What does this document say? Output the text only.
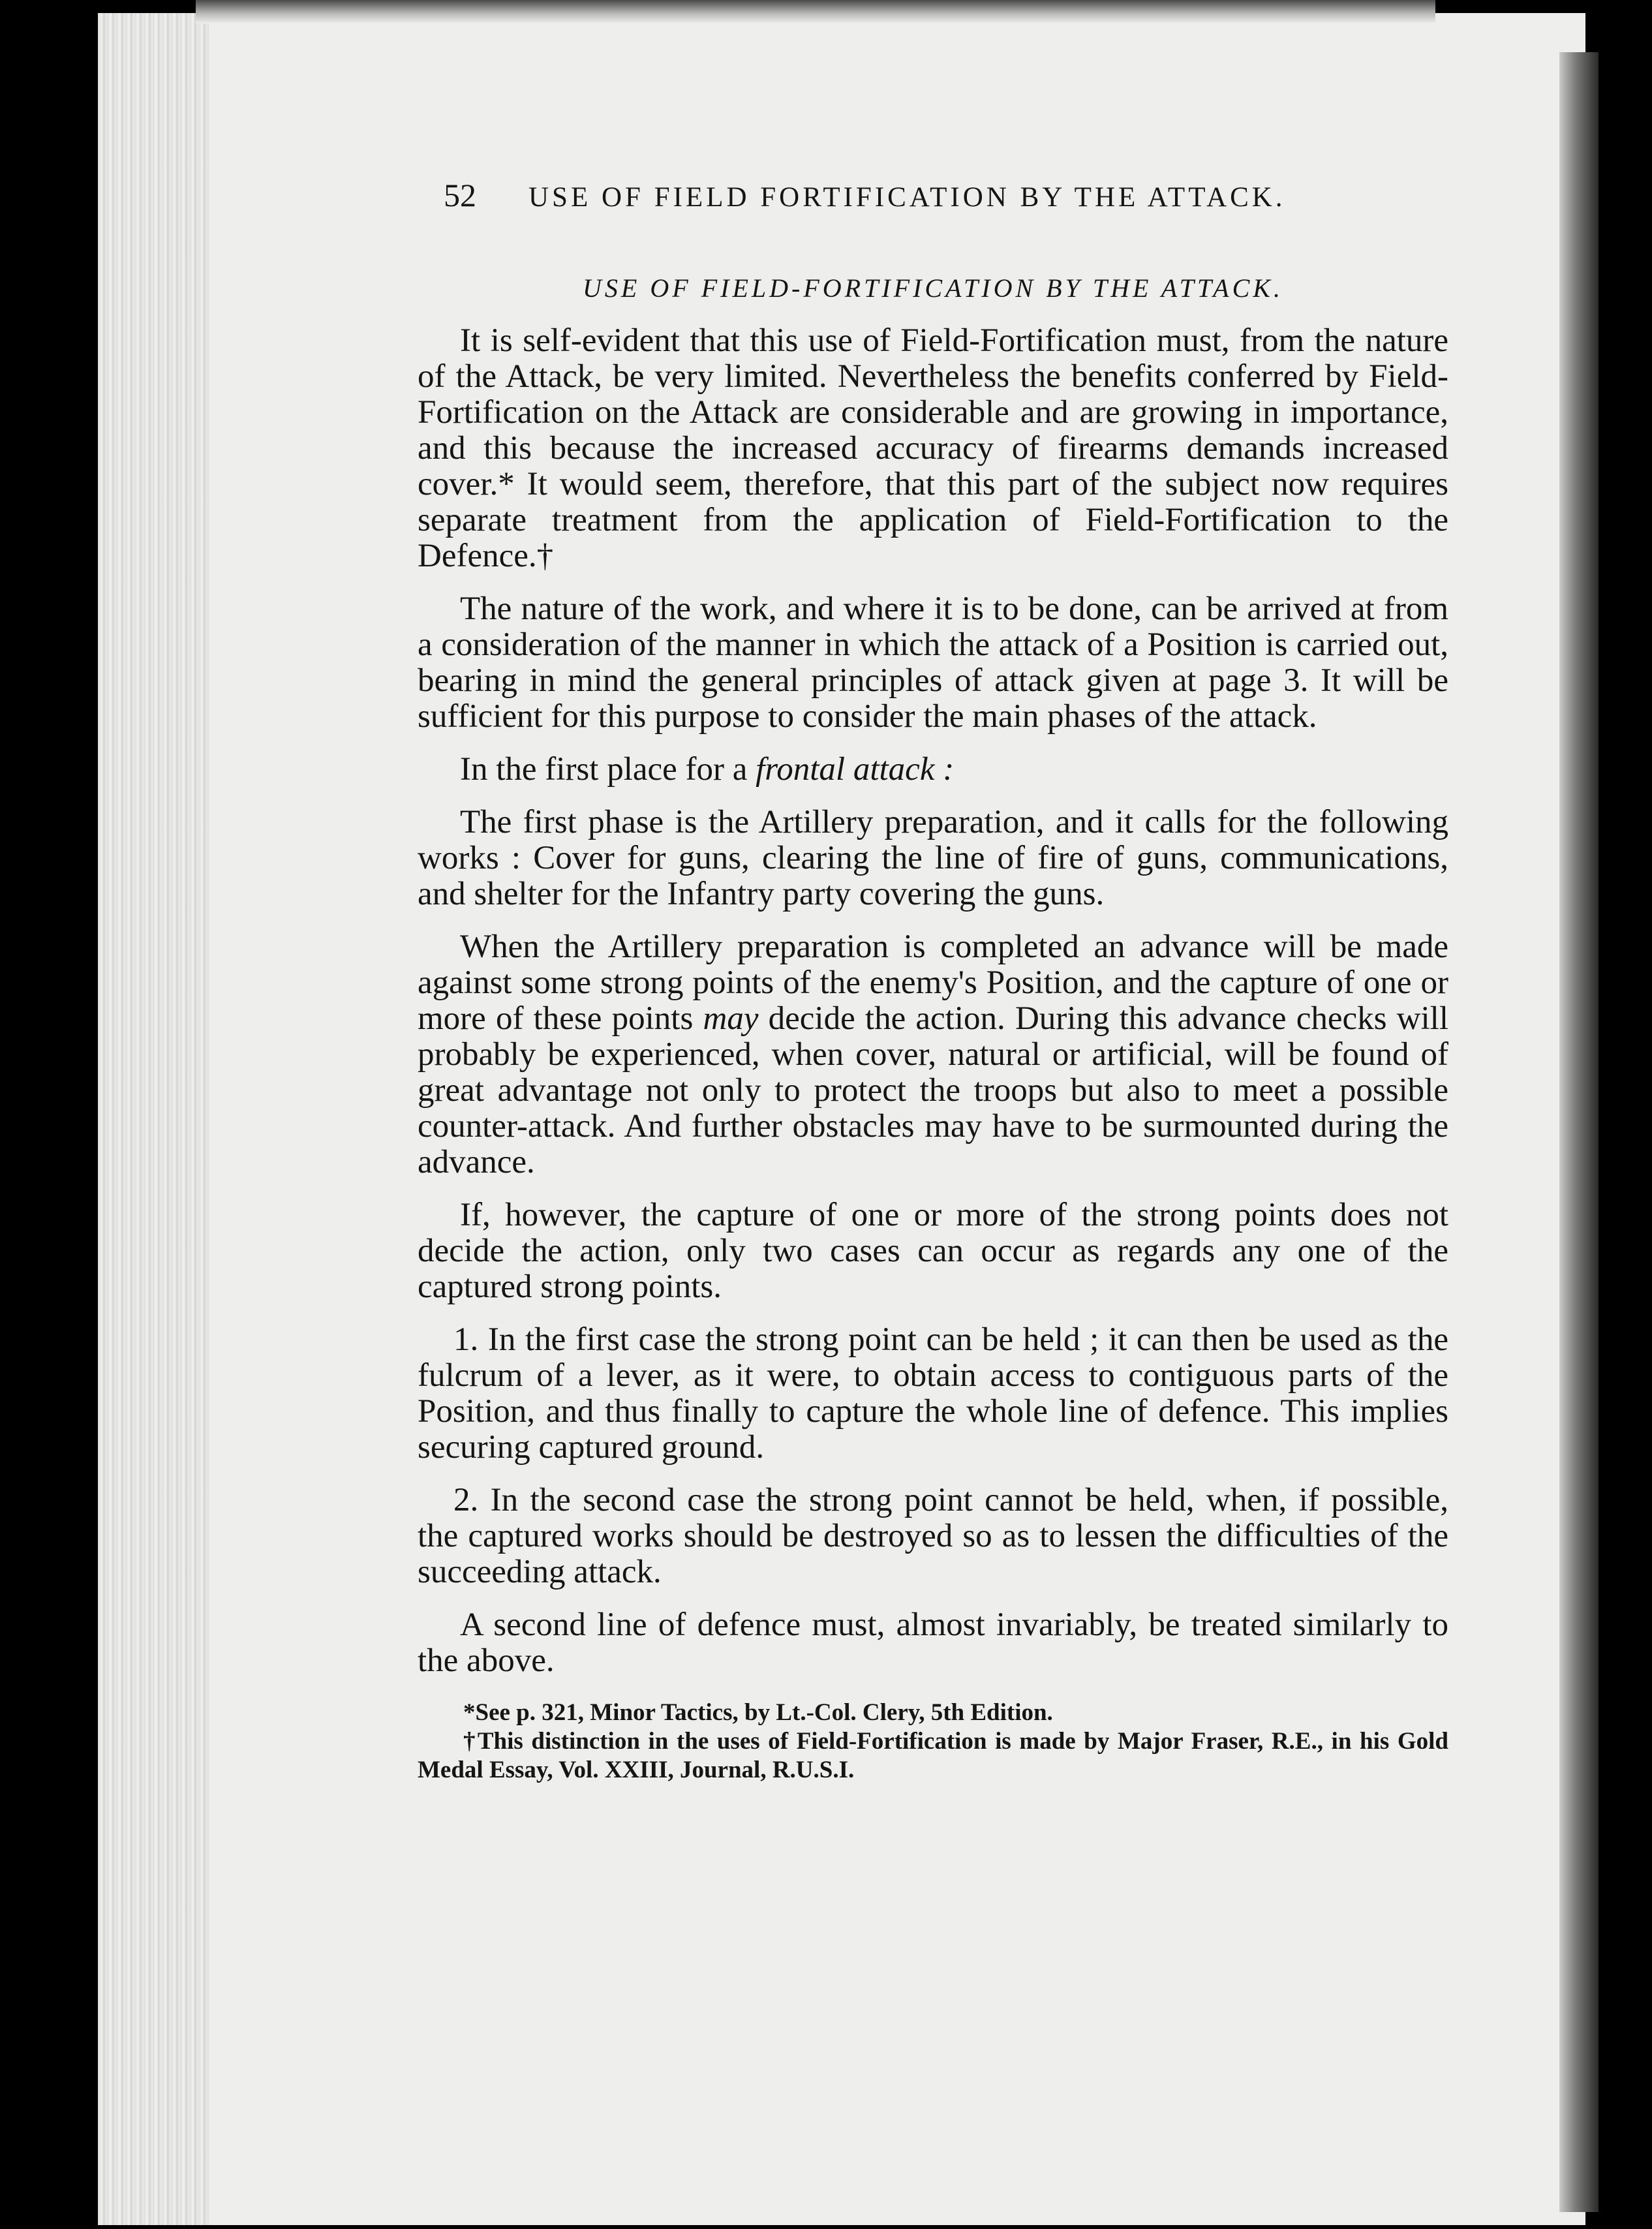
52 USE OF FIELD FORTIFICATION BY THE ATTACK.
USE OF FIELD-FORTIFICATION BY THE ATTACK.

It is self-evident that this use of Field-Fortification must, from the nature of the Attack, be very limited. Nevertheless the benefits conferred by Field-Fortification on the Attack are considerable and are growing in importance, and this because the increased accuracy of firearms demands increased cover.* It would seem, therefore, that this part of the subject now requires separate treatment from the application of Field-Fortification to the Defence.†

The nature of the work, and where it is to be done, can be arrived at from a consideration of the manner in which the attack of a Position is carried out, bearing in mind the general principles of attack given at page 3. It will be sufficient for this purpose to consider the main phases of the attack.

In the first place for a frontal attack :

The first phase is the Artillery preparation, and it calls for the following works : Cover for guns, clearing the line of fire of guns, communications, and shelter for the Infantry party covering the guns.

When the Artillery preparation is completed an advance will be made against some strong points of the enemy's Position, and the capture of one or more of these points may decide the action. During this advance checks will probably be experienced, when cover, natural or artificial, will be found of great advantage not only to protect the troops but also to meet a possible counter-attack. And further obstacles may have to be surmounted during the advance.

If, however, the capture of one or more of the strong points does not decide the action, only two cases can occur as regards any one of the captured strong points.

1. In the first case the strong point can be held ; it can then be used as the fulcrum of a lever, as it were, to obtain access to contiguous parts of the Position, and thus finally to capture the whole line of defence. This implies securing captured ground.

2. In the second case the strong point cannot be held, when, if possible, the captured works should be destroyed so as to lessen the difficulties of the succeeding attack.

A second line of defence must, almost invariably, be treated similarly to the above.

*See p. 321, Minor Tactics, by Lt.-Col. Clery, 5th Edition.

†This distinction in the uses of Field-Fortification is made by Major Fraser, R.E., in his Gold Medal Essay, Vol. XXIII, Journal, R.U.S.I.
